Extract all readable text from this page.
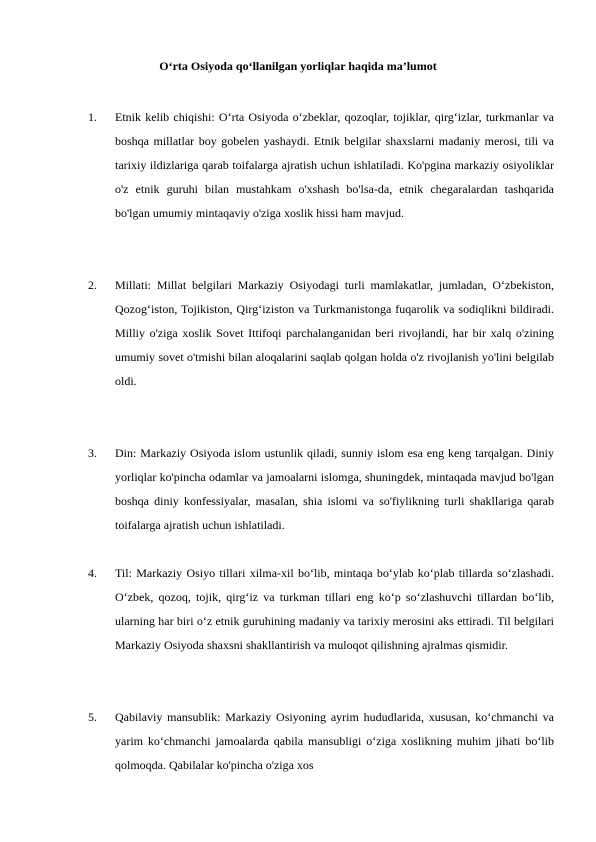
O‘rta Osiyoda qo‘llanilgan yorliqlar haqida ma’lumot
1. Etnik kelib chiqishi: O‘rta Osiyoda o‘zbeklar, qozoqlar, tojiklar, qirg‘izlar, turkmanlar va boshqa millatlar boy gobelen yashaydi. Etnik belgilar shaxslarni madaniy merosi, tili va tarixiy ildizlariga qarab toifalarga ajratish uchun ishlatiladi. Ko'pgina markaziy osiyoliklar o'z etnik guruhi bilan mustahkam o'xshash bo'lsa-da, etnik chegaralardan tashqarida bo'lgan umumiy mintaqaviy o'ziga xoslik hissi ham mavjud.

2. Millati: Millat belgilari Markaziy Osiyodagi turli mamlakatlar, jumladan, O‘zbekiston, Qozog‘iston, Tojikiston, Qirg‘iziston va Turkmanistonga fuqarolik va sodiqlikni bildiradi. Milliy o'ziga xoslik Sovet Ittifoqi parchalanganidan beri rivojlandi, har bir xalq o'zining umumiy sovet o'tmishi bilan aloqalarini saqlab qolgan holda o'z rivojlanish yo'lini belgilab oldi.

3. Din: Markaziy Osiyoda islom ustunlik qiladi, sunniy islom esa eng keng tarqalgan. Diniy yorliqlar ko'pincha odamlar va jamoalarni islomga, shuningdek, mintaqada mavjud bo'lgan boshqa diniy konfessiyalar, masalan, shia islomi va so'fiylikning turli shakllariga qarab toifalarga ajratish uchun ishlatiladi.

4. Til: Markaziy Osiyo tillari xilma-xil bo‘lib, mintaqa bo‘ylab ko‘plab tillarda so‘zlashadi. O‘zbek, qozoq, tojik, qirg‘iz va turkman tillari eng ko‘p so‘zlashuvchi tillardan bo‘lib, ularning har biri o‘z etnik guruhining madaniy va tarixiy merosini aks ettiradi. Til belgilari Markaziy Osiyoda shaxsni shakllantirish va muloqot qilishning ajralmas qismidir.

5. Qabilaviy mansublik: Markaziy Osiyoning ayrim hududlarida, xususan, ko‘chmanchi va yarim ko‘chmanchi jamoalarda qabila mansubligi o‘ziga xoslikning muhim jihati bo‘lib qolmoqda. Qabilalar ko'pincha o'ziga xos
